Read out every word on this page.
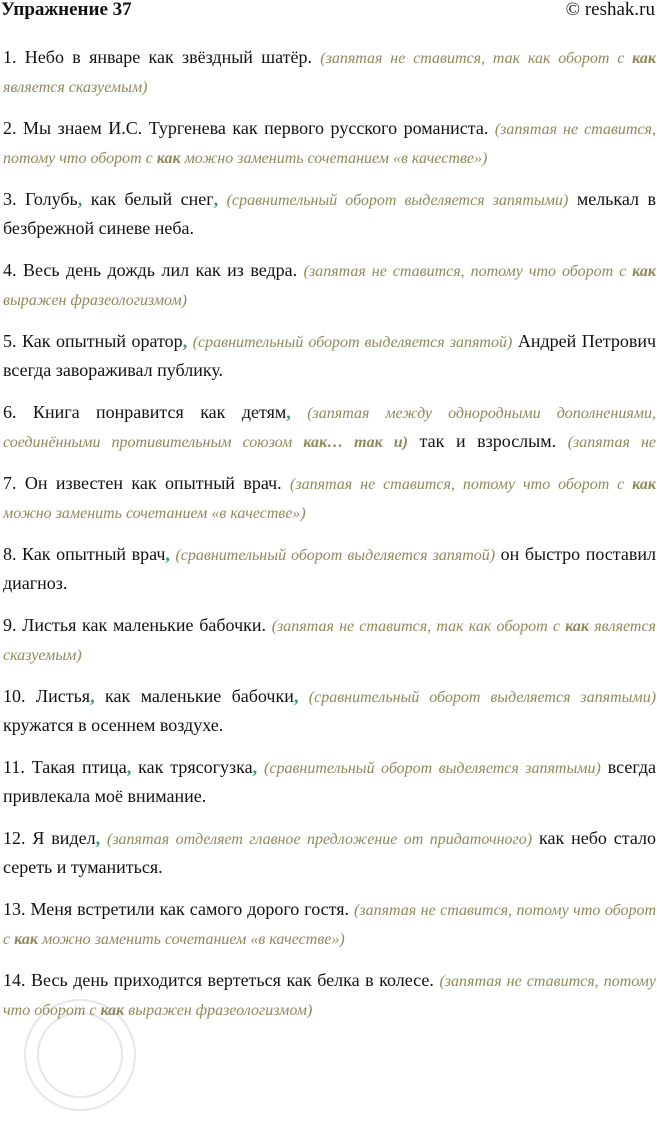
Упражнение 37	© reshak.ru

1. Небо в январе как звёздный шатёр. (запятая не ставится, так как оборот с как является сказуемым)

2. Мы знаем И.С. Тургенева как первого русского романиста. (запятая не ставится, потому что оборот с как можно заменить сочетанием «в качестве»)

3. Голубь, как белый снег, (сравнительный оборот выделяется запятыми) мелькал в безбрежной синеве неба.

4. Весь день дождь лил как из ведра. (запятая не ставится, потому что оборот с как выражен фразеологизмом)

5. Как опытный оратор, (сравнительный оборот выделяется запятой) Андрей Петрович всегда завораживал публику.

6. Книга понравится как детям, (запятая между однородными дополнениями, соединёнными противительным союзом как… так и) так и взрослым. (запятая не

7. Он известен как опытный врач. (запятая не ставится, потому что оборот с как можно заменить сочетанием «в качестве»)

8. Как опытный врач, (сравнительный оборот выделяется запятой) он быстро поставил диагноз.

9. Листья как маленькие бабочки. (запятая не ставится, так как оборот с как является сказуемым)

10. Листья, как маленькие бабочки, (сравнительный оборот выделяется запятыми) кружатся в осеннем воздухе.

11. Такая птица, как трясогузка, (сравнительный оборот выделяется запятыми) всегда привлекала моё внимание.

12. Я видел, (запятая отделяет главное предложение от придаточного) как небо стало сереть и туманиться.

13. Меня встретили как самого дорого гостя. (запятая не ставится, потому что оборот с как можно заменить сочетанием «в качестве»)

14. Весь день приходится вертеться как белка в колесе. (запятая не ставится, потому что оборот с как выражен фразеологизмом)
